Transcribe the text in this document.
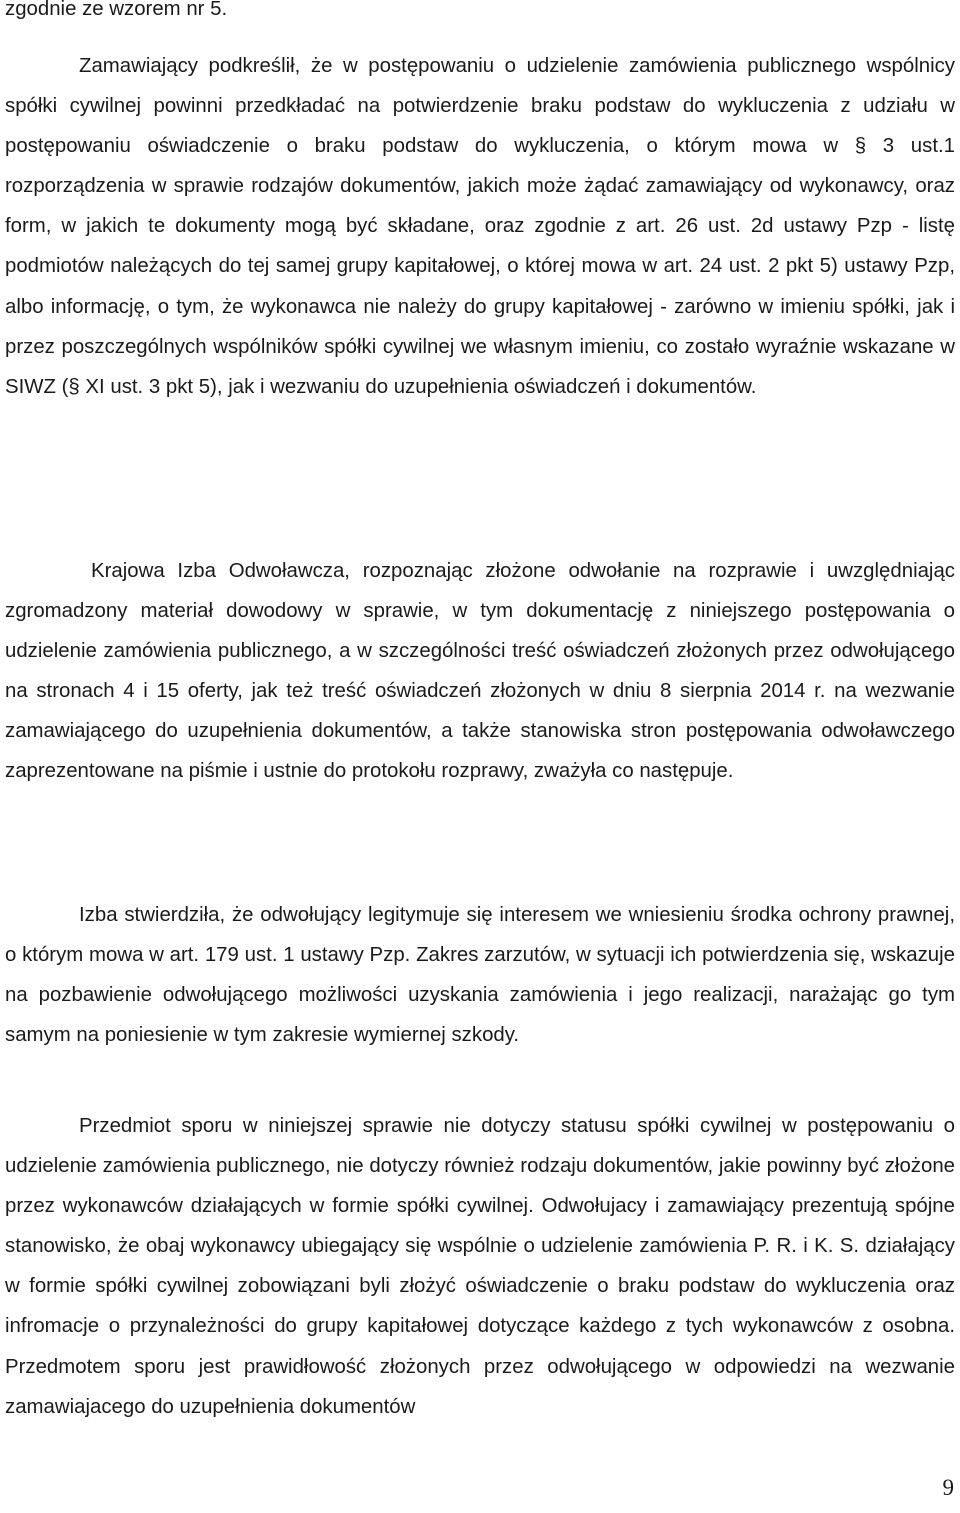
zgodnie ze wzorem nr 5.

Zamawiający podkreślił, że w postępowaniu o udzielenie zamówienia publicznego wspólnicy spółki cywilnej powinni przedkładać na potwierdzenie braku podstaw do wykluczenia z udziału w postępowaniu oświadczenie o braku podstaw do wykluczenia, o którym mowa w § 3 ust.1 rozporządzenia w sprawie rodzajów dokumentów, jakich może żądać zamawiający od wykonawcy, oraz form, w jakich te dokumenty mogą być składane, oraz zgodnie z art. 26 ust. 2d ustawy Pzp - listę podmiotów należących do tej samej grupy kapitałowej, o której mowa w art. 24 ust. 2 pkt 5) ustawy Pzp, albo informację, o tym, że wykonawca nie należy do grupy kapitałowej - zarówno w imieniu spółki, jak i przez poszczególnych wspólników spółki cywilnej we własnym imieniu, co zostało wyraźnie wskazane w SIWZ (§ XI ust. 3 pkt 5), jak i wezwaniu do uzupełnienia oświadczeń i dokumentów.

Krajowa Izba Odwoławcza, rozpoznając złożone odwołanie na rozprawie i uwzględniając zgromadzony materiał dowodowy w sprawie, w tym dokumentację z niniejszego postępowania o udzielenie zamówienia publicznego, a w szczególności treść oświadczeń złożonych przez odwołującego na stronach 4 i 15 oferty, jak też treść oświadczeń złożonych w dniu 8 sierpnia 2014 r. na wezwanie zamawiającego do uzupełnienia dokumentów, a także stanowiska stron postępowania odwoławczego zaprezentowane na piśmie i ustnie do protokołu rozprawy, zważyła co następuje.

Izba stwierdziła, że odwołujący legitymuje się interesem we wniesieniu środka ochrony prawnej, o którym mowa w art. 179 ust. 1 ustawy Pzp. Zakres zarzutów, w sytuacji ich potwierdzenia się, wskazuje na pozbawienie odwołującego możliwości uzyskania zamówienia i jego realizacji, narażając go tym samym na poniesienie w tym zakresie wymiernej szkody.

Przedmiot sporu w niniejszej sprawie nie dotyczy statusu spółki cywilnej w postępowaniu o udzielenie zamówienia publicznego, nie dotyczy również rodzaju dokumentów, jakie powinny być złożone przez wykonawców działających w formie spółki cywilnej. Odwołujacy i zamawiający prezentują spójne stanowisko, że obaj wykonawcy ubiegający się wspólnie o udzielenie zamówienia P. R. i K. S. działający w formie spółki cywilnej zobowiązani byli złożyć oświadczenie o braku podstaw do wykluczenia oraz infromacje o przynależności do grupy kapitałowej dotyczące każdego z tych wykonawców z osobna. Przedmotem sporu jest prawidłowość złożonych przez odwołującego w odpowiedzi na wezwanie zamawiajacego do uzupełnienia dokumentów

9
